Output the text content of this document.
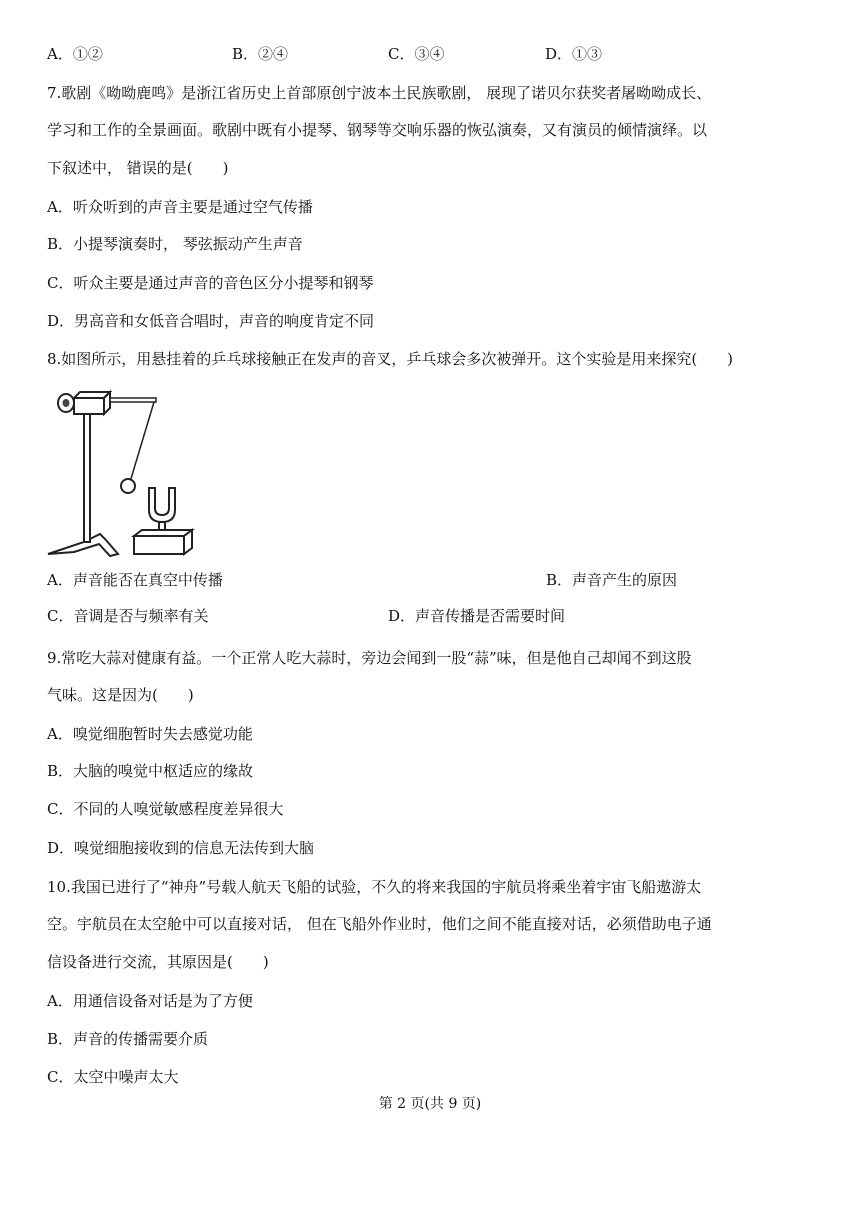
A．①②	B．②④	C．③④	D．①③
7.歌剧《呦呦鹿鸣》是浙江省历史上首部原创宁波本土民族歌剧， 展现了诺贝尔获奖者屠呦呦成长、
学习和工作的全景画面。歌剧中既有小提琴、钢琴等交响乐器的恢弘演奏，又有演员的倾情演绎。以
下叙述中， 错误的是(　　)
A．听众听到的声音主要是通过空气传播
B．小提琴演奏时， 琴弦振动产生声音
C．听众主要是通过声音的音色区分小提琴和钢琴
D．男高音和女低音合唱时，声音的响度肯定不同
8.如图所示，用悬挂着的乒乓球接触正在发声的音叉，乒乓球会多次被弹开。这个实验是用来探究(　　)
A．声音能否在真空中传播	B．声音产生的原因
C．音调是否与频率有关	D．声音传播是否需要时间
9.常吃大蒜对健康有益。一个正常人吃大蒜时，旁边会闻到一股“蒜”味，但是他自己却闻不到这股
气味。这是因为(　　)
A．嗅觉细胞暂时失去感觉功能
B．大脑的嗅觉中枢适应的缘故
C．不同的人嗅觉敏感程度差异很大
D．嗅觉细胞接收到的信息无法传到大脑
10.我国已进行了“神舟”号载人航天飞船的试验，不久的将来我国的宇航员将乘坐着宇宙飞船遨游太
空。宇航员在太空舱中可以直接对话， 但在飞船外作业时，他们之间不能直接对话，必须借助电子通
信设备进行交流，其原因是(　　)
A．用通信设备对话是为了方便
B．声音的传播需要介质
C．太空中噪声太大
第 2 页(共 9 页)
